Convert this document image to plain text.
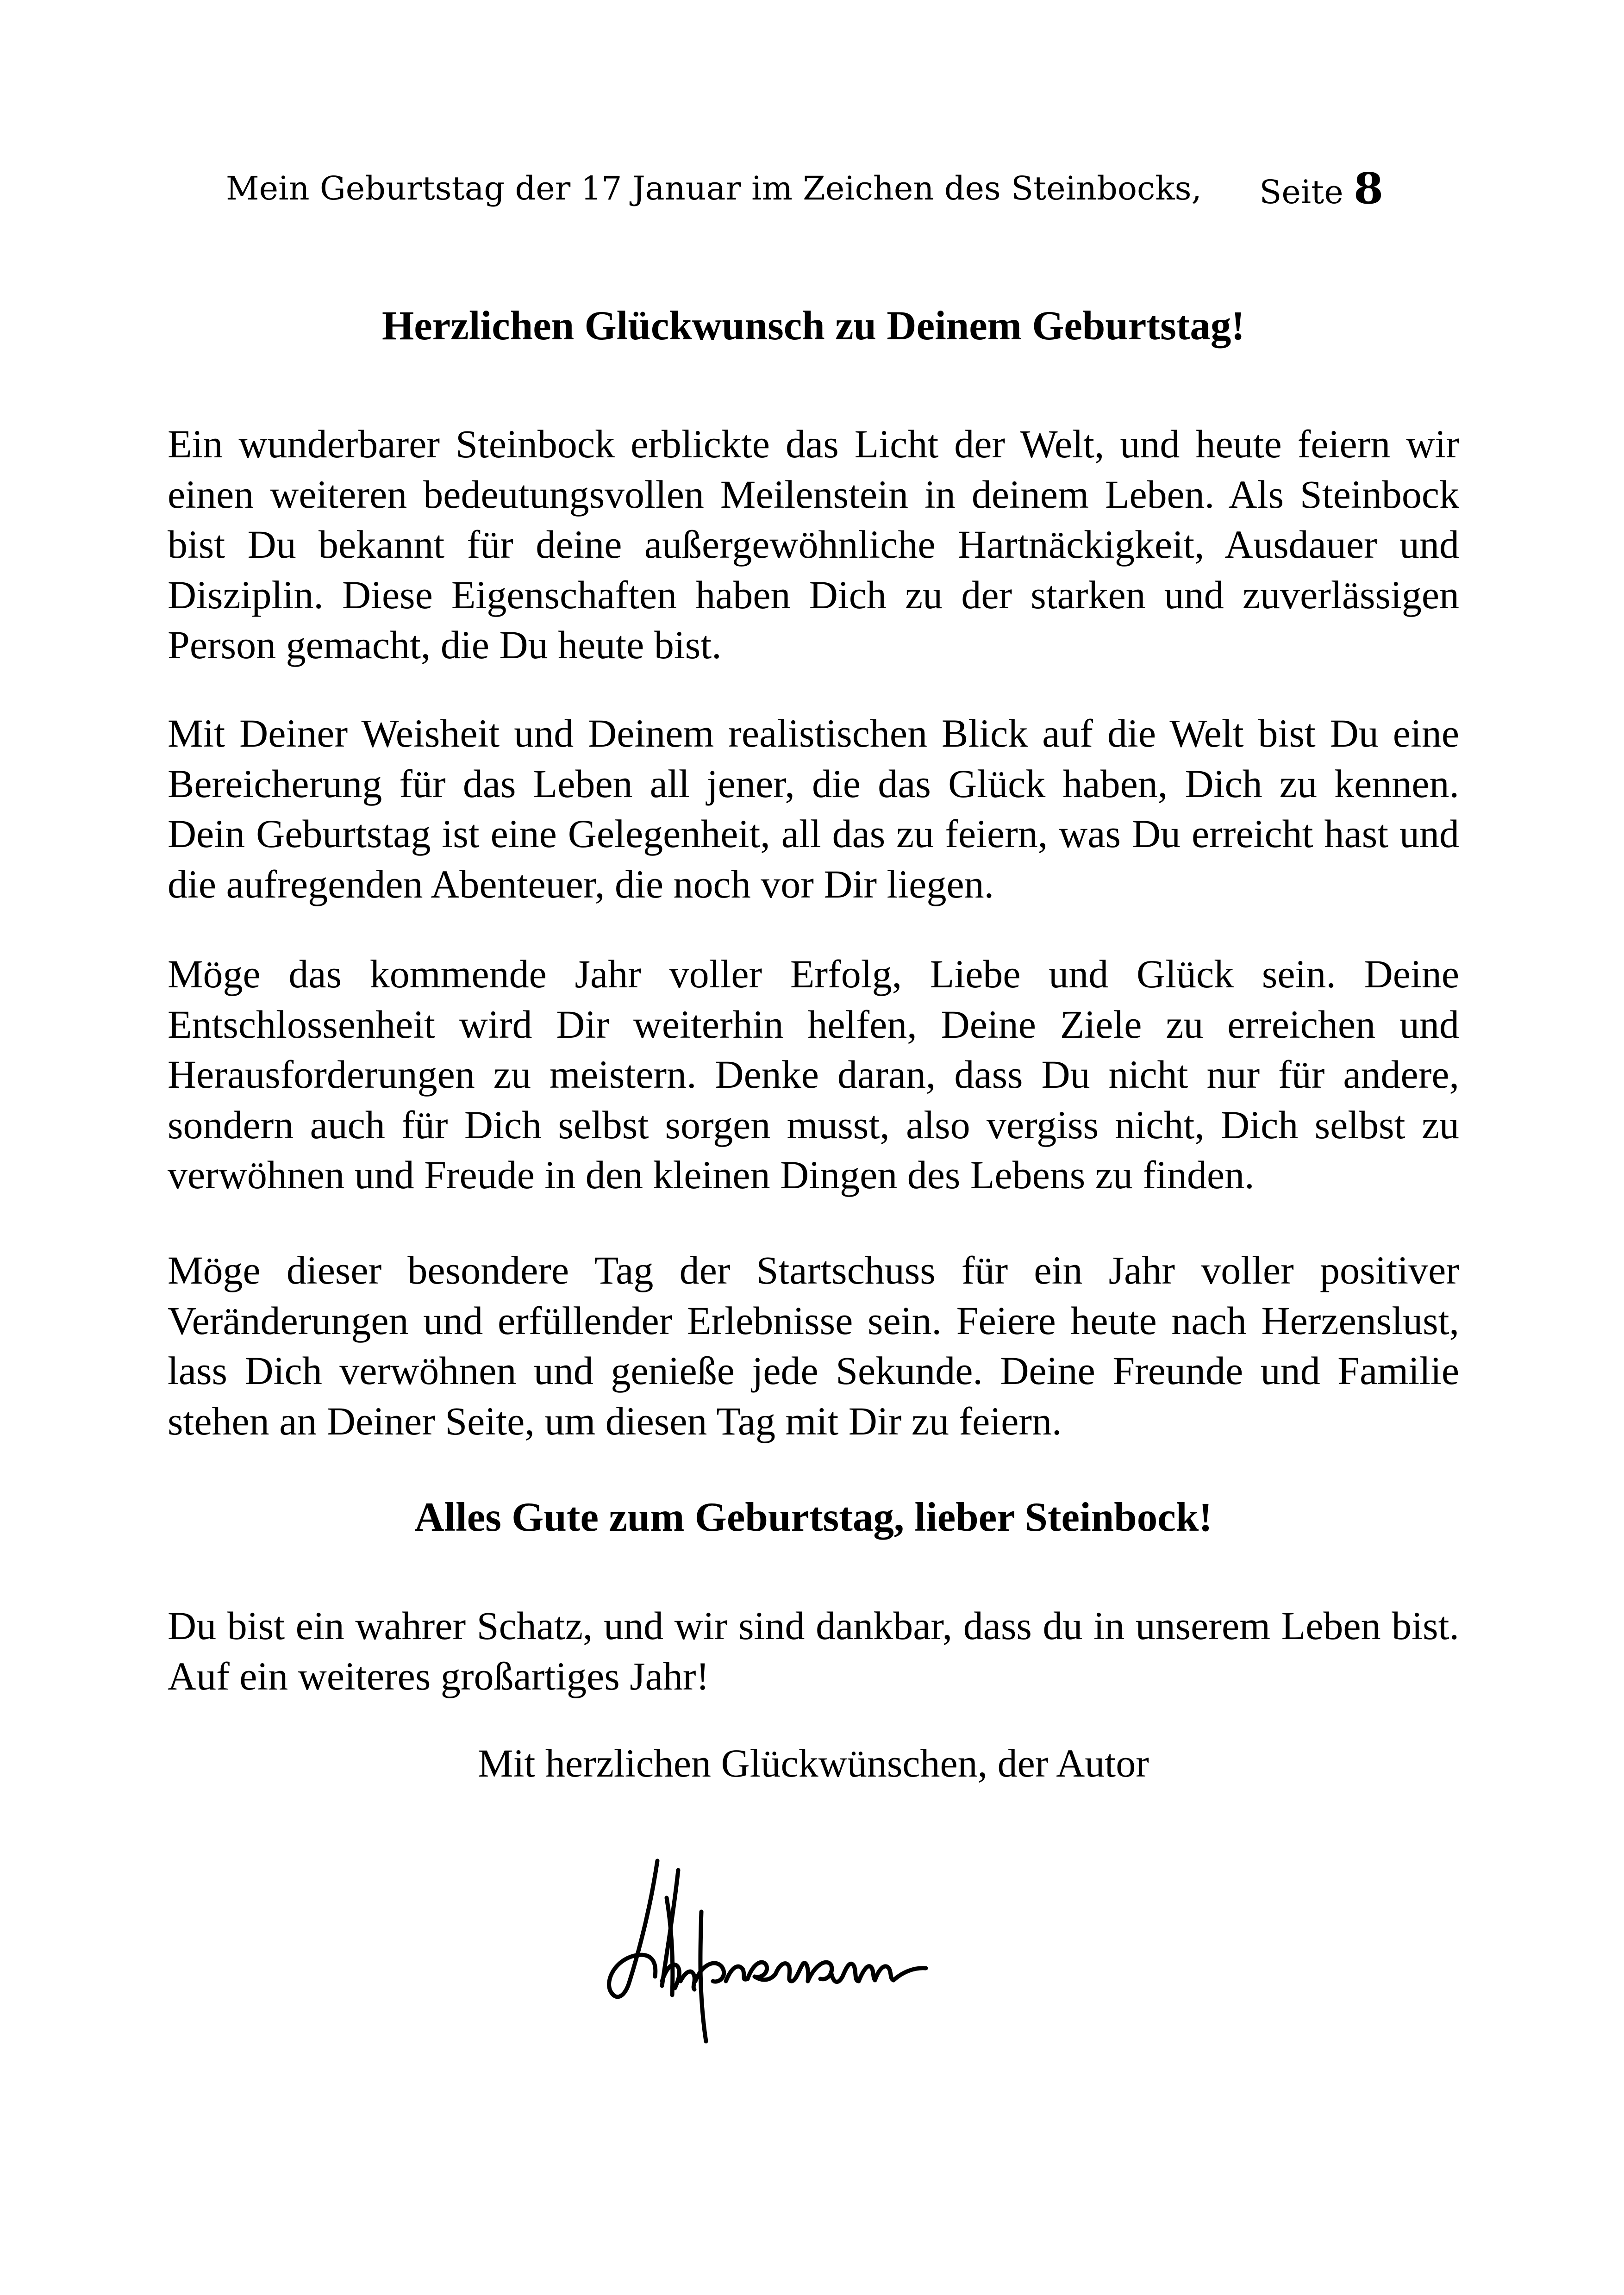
Mein Geburtstag der 17 Januar im Zeichen des Steinbocks, Seite 8
Herzlichen Glückwunsch zu Deinem Geburtstag!

Ein wunderbarer Steinbock erblickte das Licht der Welt, und heute feiern wir einen weiteren bedeutungsvollen Meilenstein in deinem Leben. Als Steinbock bist Du bekannt für deine außergewöhnliche Hartnäckigkeit, Ausdauer und Disziplin. Diese Eigenschaften haben Dich zu der starken und zuverlässigen Person gemacht, die Du heute bist.

Mit Deiner Weisheit und Deinem realistischen Blick auf die Welt bist Du eine Bereicherung für das Leben all jener, die das Glück haben, Dich zu kennen. Dein Geburtstag ist eine Gelegenheit, all das zu feiern, was Du erreicht hast und die aufregenden Abenteuer, die noch vor Dir liegen.

Möge das kommende Jahr voller Erfolg, Liebe und Glück sein. Deine Entschlossenheit wird Dir weiterhin helfen, Deine Ziele zu erreichen und Herausforderungen zu meistern. Denke daran, dass Du nicht nur für andere, sondern auch für Dich selbst sorgen musst, also vergiss nicht, Dich selbst zu verwöhnen und Freude in den kleinen Dingen des Lebens zu finden.

Möge dieser besondere Tag der Startschuss für ein Jahr voller positiver Veränderungen und erfüllender Erlebnisse sein. Feiere heute nach Herzenslust, lass Dich verwöhnen und genieße jede Sekunde. Deine Freunde und Familie stehen an Deiner Seite, um diesen Tag mit Dir zu feiern.

Alles Gute zum Geburtstag, lieber Steinbock!

Du bist ein wahrer Schatz, und wir sind dankbar, dass du in unserem Leben bist. Auf ein weiteres großartiges Jahr!

Mit herzlichen Glückwünschen, der Autor
